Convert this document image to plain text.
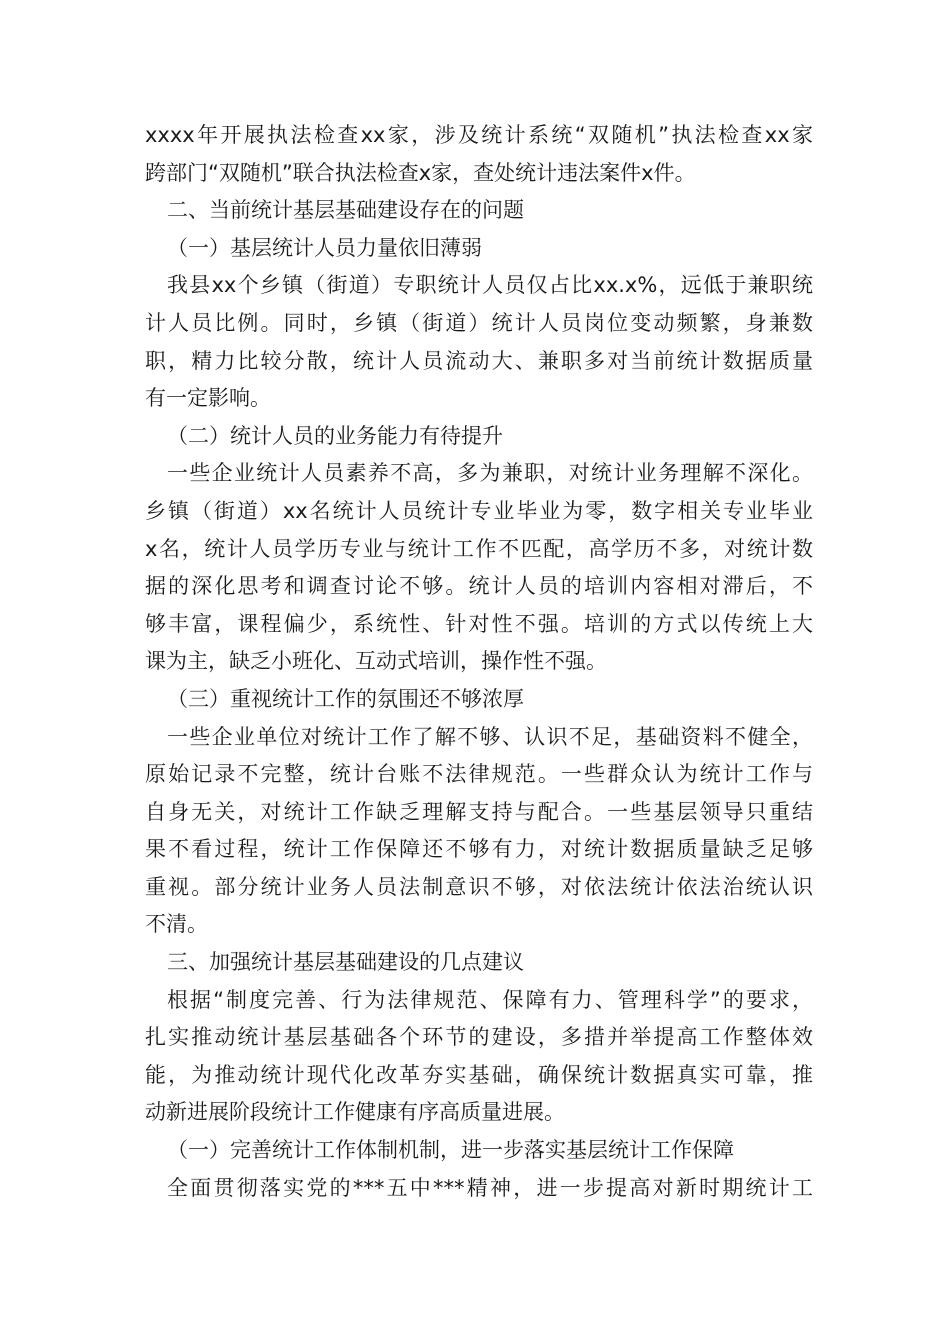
xxxx年开展执法检查xx家，涉及统计系统“双随机”执法检查xx家
跨部门“双随机”联合执法检查x家，查处统计违法案件x件。
二、当前统计基层基础建设存在的问题
（一）基层统计人员力量依旧薄弱
我县xx个乡镇（街道）专职统计人员仅占比xx.x%，远低于兼职统
计人员比例。同时，乡镇（街道）统计人员岗位变动频繁，身兼数
职，精力比较分散，统计人员流动大、兼职多对当前统计数据质量
有一定影响。
（二）统计人员的业务能力有待提升
一些企业统计人员素养不高，多为兼职，对统计业务理解不深化。
乡镇（街道）xx名统计人员统计专业毕业为零，数字相关专业毕业
x名，统计人员学历专业与统计工作不匹配，高学历不多，对统计数
据的深化思考和调查讨论不够。统计人员的培训内容相对滞后，不
够丰富，课程偏少，系统性、针对性不强。培训的方式以传统上大
课为主，缺乏小班化、互动式培训，操作性不强。
（三）重视统计工作的氛围还不够浓厚
一些企业单位对统计工作了解不够、认识不足，基础资料不健全，
原始记录不完整，统计台账不法律规范。一些群众认为统计工作与
自身无关，对统计工作缺乏理解支持与配合。一些基层领导只重结
果不看过程，统计工作保障还不够有力，对统计数据质量缺乏足够
重视。部分统计业务人员法制意识不够，对依法统计依法治统认识
不清。
三、加强统计基层基础建设的几点建议
根据“制度完善、行为法律规范、保障有力、管理科学”的要求，
扎实推动统计基层基础各个环节的建设，多措并举提高工作整体效
能，为推动统计现代化改革夯实基础，确保统计数据真实可靠，推
动新进展阶段统计工作健康有序高质量进展。
（一）完善统计工作体制机制，进一步落实基层统计工作保障
全面贯彻落实党的***五中***精神，进一步提高对新时期统计工
